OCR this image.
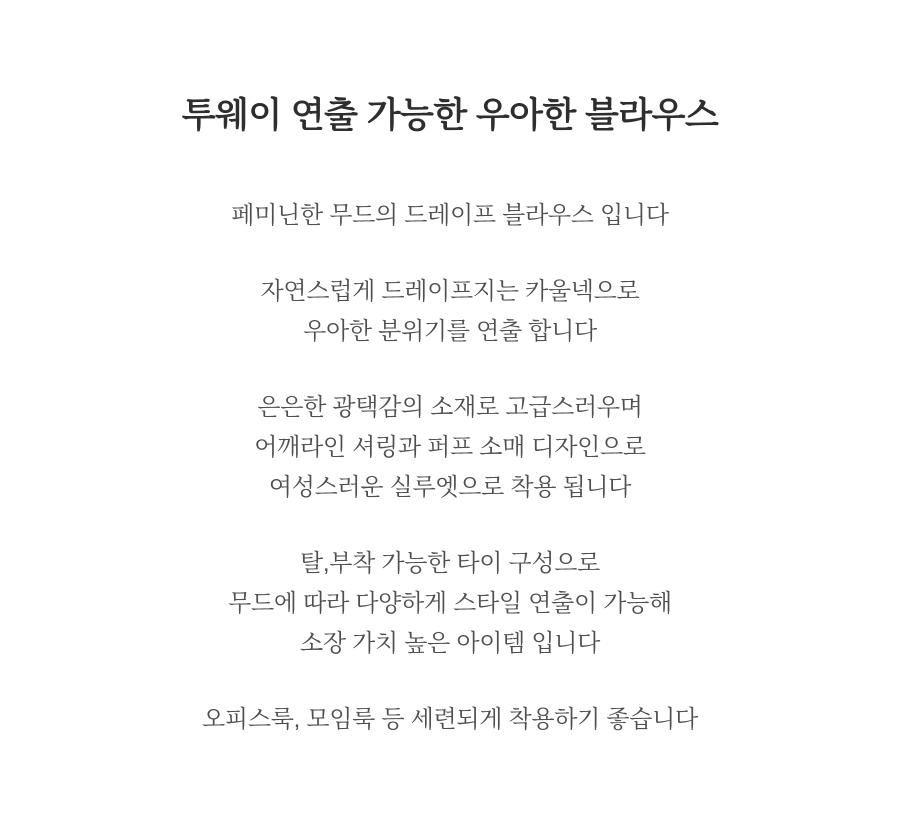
투웨이 연출 가능한 우아한 블라우스

페미닌한 무드의 드레이프 블라우스 입니다

자연스럽게 드레이프지는 카울넥으로
우아한 분위기를 연출 합니다

은은한 광택감의 소재로 고급스러우며
어깨라인 셔링과 퍼프 소매 디자인으로
여성스러운 실루엣으로 착용 됩니다

탈,부착 가능한 타이 구성으로
무드에 따라 다양하게 스타일 연출이 가능해
소장 가치 높은 아이템 입니다

오피스룩, 모임룩 등 세련되게 착용하기 좋습니다
